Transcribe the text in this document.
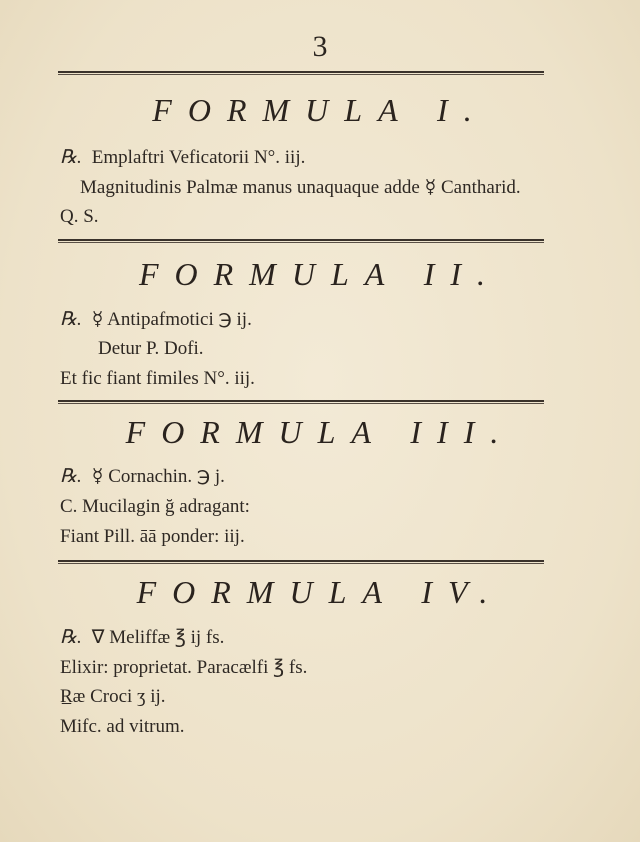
3
FORMULA I.
℞. Emplaftri Veficatorii N°. iij.
Magnitudinis Palmæ manus unaquaque adde ☿ Cantharid.
Q. S.
FORMULA II.
℞. ☿ Antipafmotici ℈ ij.
Detur P. Dofi.
Et fic fiant fimiles N°. iij.
FORMULA III.
℞. ☿ Cornachin. ℈ j.
C. Mucilagin ğ adragant:
Fiant Pill. āā ponder: iij.
FORMULA IV.
℞. ∇ Meliffæ ℥ ij fs.
Elixir: proprietat. Paracælfi ℥ fs.
R̲æ Croci ʒ ij.
Mifc. ad vitrum.
